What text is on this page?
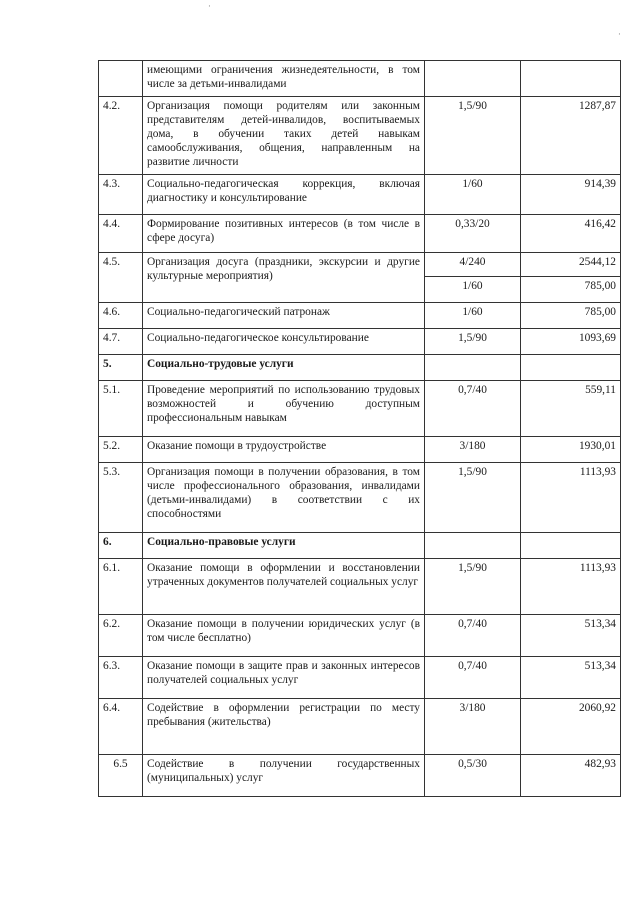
·
·
	имеющими ограничения жизнедеятельности, в том числе за детьми-инвалидами		
4.2.	Организация помощи родителям или законным представителям детей-инвалидов, воспитываемых дома, в обучении таких детей навыкам самообслуживания, общения, направленным на развитие личности	1,5/90	1287,87
4.3.	Социально-педагогическая коррекция, включая диагностику и консультирование	1/60	914,39
4.4.	Формирование позитивных интересов (в том числе в сфере досуга)	0,33/20	416,42
4.5.	Организация досуга (праздники, экскурсии и другие культурные мероприятия)	4/240	2544,12
		1/60	785,00
4.6.	Социально-педагогический патронаж	1/60	785,00
4.7.	Социально-педагогическое консультирование	1,5/90	1093,69
5.	Социально-трудовые услуги		
5.1.	Проведение мероприятий по использованию трудовых возможностей и обучению доступным профессиональным навыкам	0,7/40	559,11
5.2.	Оказание помощи в трудоустройстве	3/180	1930,01
5.3.	Организация помощи в получении образования, в том числе профессионального образования, инвалидами (детьми-инвалидами) в соответствии с их способностями	1,5/90	1113,93
6.	Социально-правовые услуги		
6.1.	Оказание помощи в оформлении и восстановлении утраченных документов получателей социальных услуг	1,5/90	1113,93
6.2.	Оказание помощи в получении юридических услуг (в том числе бесплатно)	0,7/40	513,34
6.3.	Оказание помощи в защите прав и законных интересов получателей социальных услуг	0,7/40	513,34
6.4.	Содействие в оформлении регистрации по месту пребывания (жительства)	3/180	2060,92
6.5	Содействие в получении государственных (муниципальных) услуг	0,5/30	482,93
